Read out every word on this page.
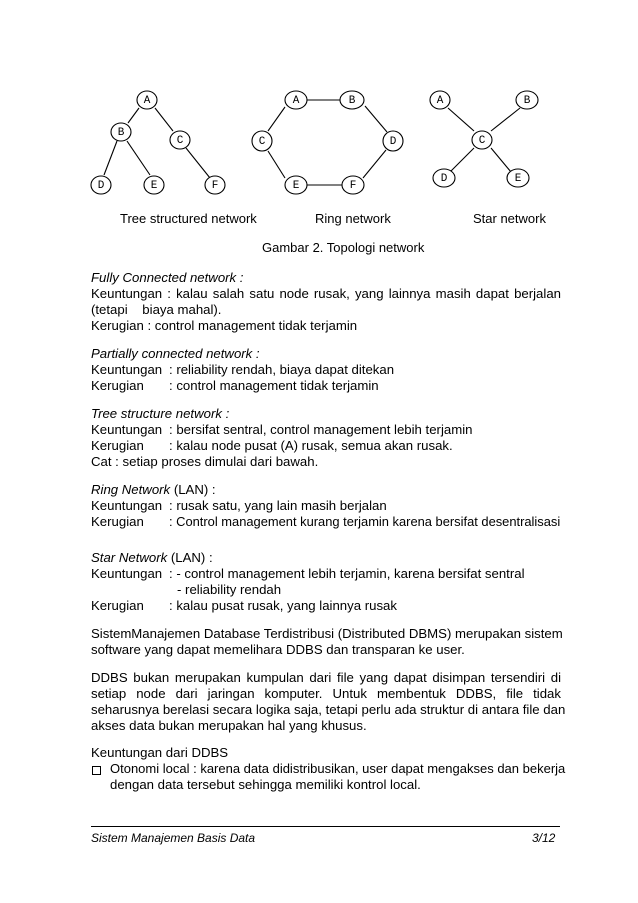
A
B
C
D	E	F
A	B
C	D
E	F
A	B
C
D	E
Tree structured network	Ring network	Star network
Gambar 2. Topologi network
Fully Connected network :
Keuntungan : kalau salah satu node rusak, yang lainnya masih dapat berjalan
(tetapi    biaya mahal).
Kerugian : control management tidak terjamin
Partially connected network :
Keuntungan : reliability rendah, biaya dapat ditekan
Kerugian	: control management tidak terjamin
Tree structure network :
Keuntungan : bersifat sentral, control management lebih terjamin
Kerugian	: kalau node pusat (A) rusak, semua akan rusak.
Cat : setiap proses dimulai dari bawah.
Ring Network (LAN) :
Keuntungan : rusak satu, yang lain masih berjalan
Kerugian	: Control management kurang terjamin karena bersifat desentralisasi
Star Network (LAN) :
Keuntungan : - control management lebih terjamin, karena bersifat sentral
- reliability rendah
Kerugian	: kalau pusat rusak, yang lainnya rusak
SistemManajemen Database Terdistribusi (Distributed DBMS) merupakan sistem
software yang dapat memelihara DDBS dan transparan ke user.
DDBS bukan merupakan kumpulan dari file yang dapat disimpan tersendiri di
setiap node dari jaringan komputer. Untuk membentuk DDBS, file tidak
seharusnya berelasi secara logika saja, tetapi perlu ada struktur di antara file dan
akses data bukan merupakan hal yang khusus.
Keuntungan dari DDBS
Otonomi local : karena data didistribusikan, user dapat mengakses dan bekerja
dengan data tersebut sehingga memiliki kontrol local.
Sistem Manajemen Basis Data	3/12
